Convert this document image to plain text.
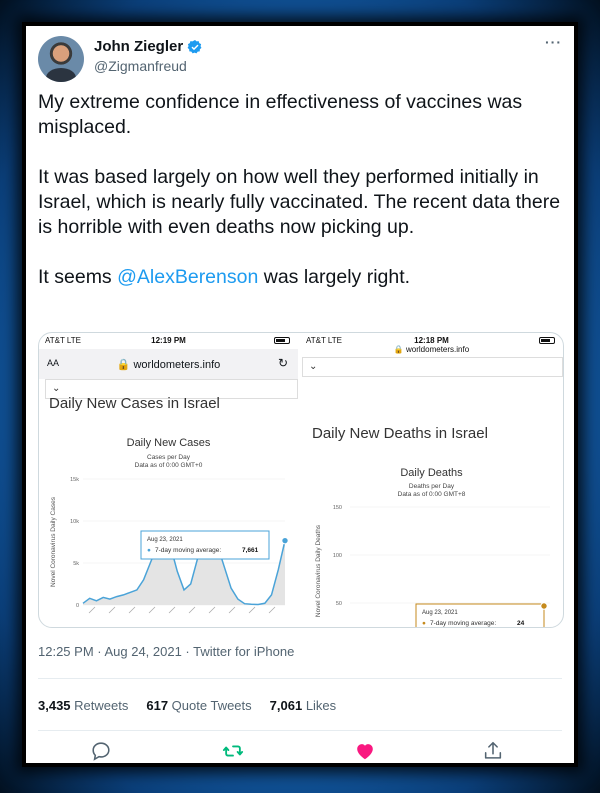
John Ziegler
@Zigmanfreud
···

My extreme confidence in effectiveness of vaccines was misplaced.

It was based largely on how well they performed initially in Israel, which is nearly fully vaccinated. The recent data there is horrible with even deaths now picking up.

It seems @AlexBerenson was largely right.

AT&T LTE	12:19 PM
AA	🔒 worldometers.info	↻
⌄
Daily New Cases in Israel
Daily New Cases
Cases per Day
Data as of 0:00 GMT+0
Novel Coronavirus Daily Cases
0
5k
10k
15k
Aug 23, 2021
● 7-day moving average:	7,661
AT&T LTE	12:18 PM
🔒 worldometers.info
⌄
Daily New Deaths in Israel
Daily Deaths
Deaths per Day
Data as of 0:00 GMT+8
Novel Coronavirus Daily Deaths	50
100
150
Aug 23, 2021
● 7-day moving average:	24
12:25 PM · Aug 24, 2021 · Twitter for iPhone
3,435 Retweets 617 Quote Tweets 7,061 Likes
